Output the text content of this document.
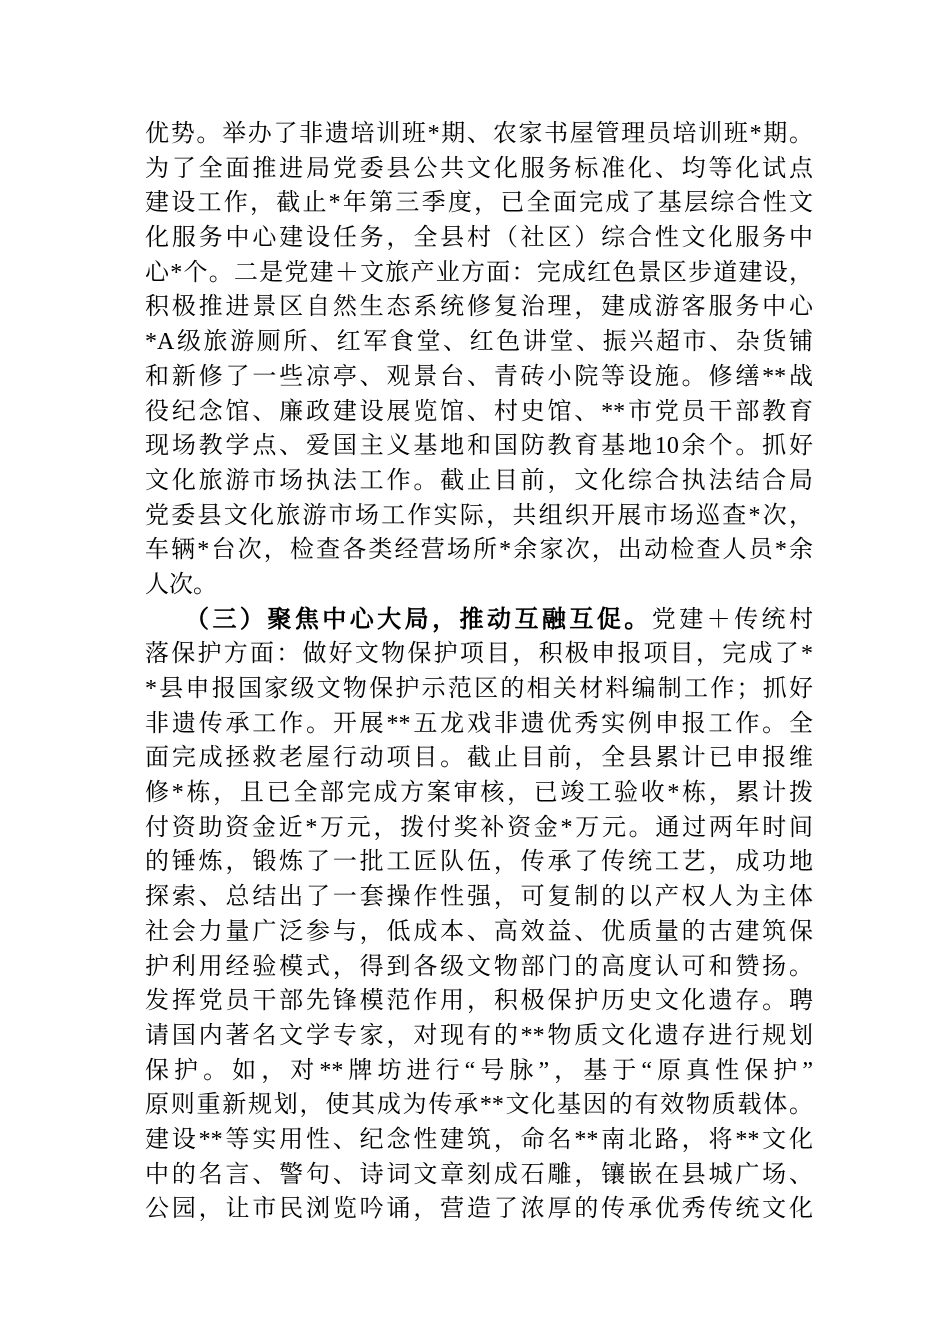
优势。举办了非遗培训班*期、农家书屋管理员培训班*期。
为了全面推进局党委县公共文化服务标准化、均等化试点
建设工作，截止*年第三季度，已全面完成了基层综合性文
化服务中心建设任务，全县村（社区）综合性文化服务中
心*个。二是党建＋文旅产业方面：完成红色景区步道建设，
积极推进景区自然生态系统修复治理，建成游客服务中心
*A级旅游厕所、红军食堂、红色讲堂、振兴超市、杂货铺
和新修了一些凉亭、观景台、青砖小院等设施。修缮**战
役纪念馆、廉政建设展览馆、村史馆、**市党员干部教育
现场教学点、爱国主义基地和国防教育基地10余个。抓好
文化旅游市场执法工作。截止目前，文化综合执法结合局
党委县文化旅游市场工作实际，共组织开展市场巡查*次，
车辆*台次，检查各类经营场所*余家次，出动检查人员*余
人次。
（三）聚焦中心大局，推动互融互促。党建＋传统村
落保护方面：做好文物保护项目，积极申报项目，完成了*
*县申报国家级文物保护示范区的相关材料编制工作；抓好
非遗传承工作。开展**五龙戏非遗优秀实例申报工作。全
面完成拯救老屋行动项目。截止目前，全县累计已申报维
修*栋，且已全部完成方案审核，已竣工验收*栋，累计拨
付资助资金近*万元，拨付奖补资金*万元。通过两年时间
的锤炼，锻炼了一批工匠队伍，传承了传统工艺，成功地
探索、总结出了一套操作性强，可复制的以产权人为主体
社会力量广泛参与，低成本、高效益、优质量的古建筑保
护利用经验模式，得到各级文物部门的高度认可和赞扬。
发挥党员干部先锋模范作用，积极保护历史文化遗存。聘
请国内著名文学专家，对现有的**物质文化遗存进行规划
保护。如，对**牌坊进行“号脉”，基于“原真性保护”
原则重新规划，使其成为传承**文化基因的有效物质载体。
建设**等实用性、纪念性建筑，命名**南北路，将**文化
中的名言、警句、诗词文章刻成石雕，镶嵌在县城广场、
公园，让市民浏览吟诵，营造了浓厚的传承优秀传统文化
